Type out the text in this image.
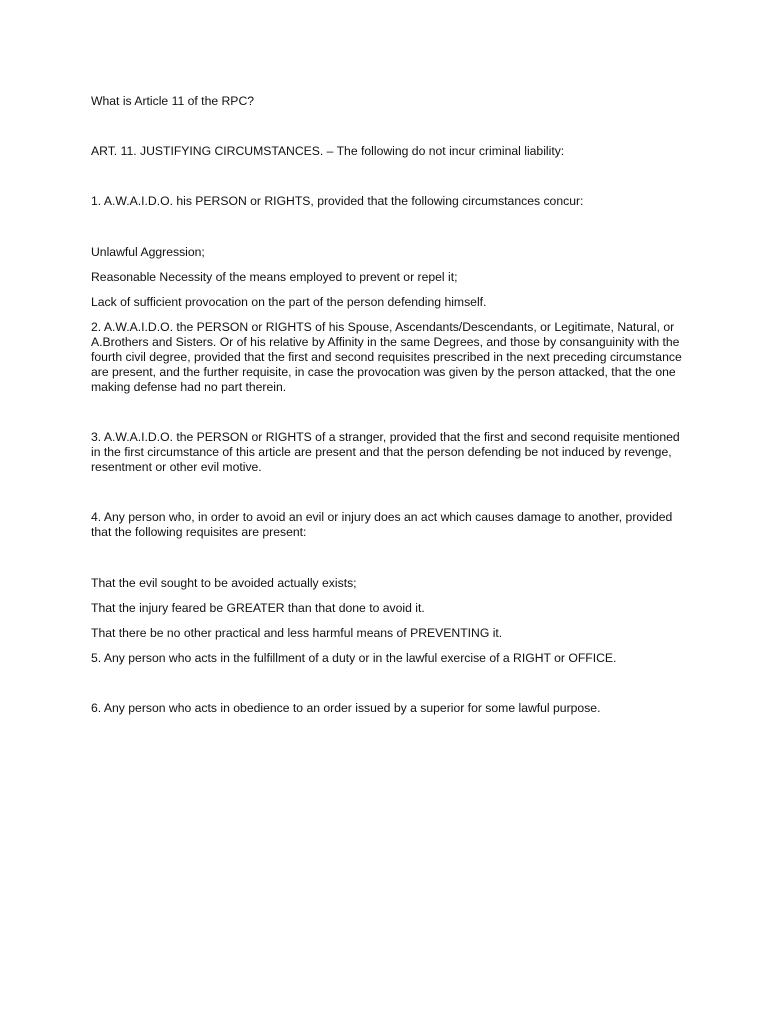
What is Article 11 of the RPC?

ART. 11. JUSTIFYING CIRCUMSTANCES. – The following do not incur criminal liability:

1. A.W.A.I.D.O. his PERSON or RIGHTS, provided that the following circumstances concur:

Unlawful Aggression;

Reasonable Necessity of the means employed to prevent or repel it;

Lack of sufficient provocation on the part of the person defending himself.

2. A.W.A.I.D.O. the PERSON or RIGHTS of his Spouse, Ascendants/Descendants, or Legitimate, Natural, or A.Brothers and Sisters. Or of his relative by Affinity in the same Degrees, and those by consanguinity with the fourth civil degree, provided that the first and second requisites prescribed in the next preceding circumstance are present, and the further requisite, in case the provocation was given by the person attacked, that the one making defense had no part therein.

3. A.W.A.I.D.O. the PERSON or RIGHTS of a stranger, provided that the first and second requisite mentioned in the first circumstance of this article are present and that the person defending be not induced by revenge, resentment or other evil motive.

4. Any person who, in order to avoid an evil or injury does an act which causes damage to another, provided that the following requisites are present:

That the evil sought to be avoided actually exists;

That the injury feared be GREATER than that done to avoid it.

That there be no other practical and less harmful means of PREVENTING it.

5. Any person who acts in the fulfillment of a duty or in the lawful exercise of a RIGHT or OFFICE.

6. Any person who acts in obedience to an order issued by a superior for some lawful purpose.
